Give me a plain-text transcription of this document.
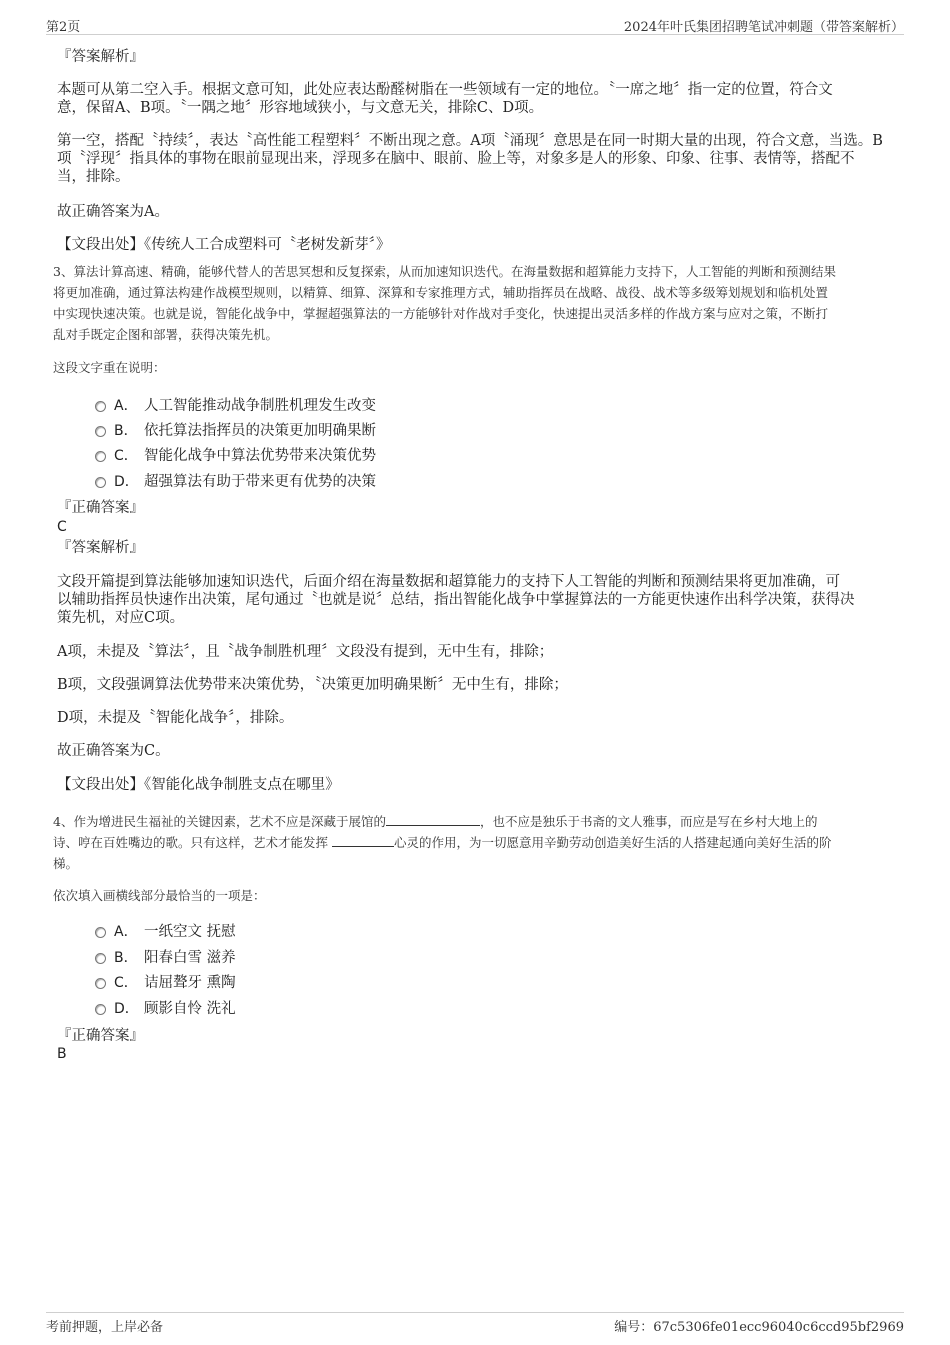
第2页	2024年叶氏集团招聘笔试冲刺题（带答案解析）
『答案解析』
本题可从第二空入手。根据文意可知，此处应表达酚醛树脂在一些领域有一定的地位。〝一席之地〞指一定的位置，符合文
意，保留A、B项。〝一隅之地〞形容地域狭小，与文意无关，排除C、D项。
第一空，搭配〝持续〞，表达〝高性能工程塑料〞不断出现之意。A项〝涌现〞意思是在同一时期大量的出现，符合文意，当选。B
项〝浮现〞指具体的事物在眼前显现出来，浮现多在脑中、眼前、脸上等，对象多是人的形象、印象、往事、表情等，搭配不
当，排除。
故正确答案为A。
【文段出处】《传统人工合成塑料可〝老树发新芽〞》
3、算法计算高速、精确，能够代替人的苦思冥想和反复探索，从而加速知识迭代。在海量数据和超算能力支持下，人工智能的判断和预测结果
将更加准确，通过算法构建作战模型规则，以精算、细算、深算和专家推理方式，辅助指挥员在战略、战役、战术等多级筹划规划和临机处置
中实现快速决策。也就是说，智能化战争中，掌握超强算法的一方能够针对作战对手变化，快速提出灵活多样的作战方案与应对之策，不断打
乱对手既定企图和部署，获得决策先机。
这段文字重在说明：
A． 人工智能推动战争制胜机理发生改变
B． 依托算法指挥员的决策更加明确果断
C． 智能化战争中算法优势带来决策优势
D． 超强算法有助于带来更有优势的决策
『正确答案』
C
『答案解析』
文段开篇提到算法能够加速知识迭代，后面介绍在海量数据和超算能力的支持下人工智能的判断和预测结果将更加准确，可
以辅助指挥员快速作出决策，尾句通过〝也就是说〞总结，指出智能化战争中掌握算法的一方能更快速作出科学决策，获得决
策先机，对应C项。
A项，未提及〝算法〞，且〝战争制胜机理〞文段没有提到，无中生有，排除；
B项，文段强调算法优势带来决策优势，〝决策更加明确果断〞无中生有，排除；
D项，未提及〝智能化战争〞，排除。
故正确答案为C。
【文段出处】《智能化战争制胜支点在哪里》
4、作为增进民生福祉的关键因素，艺术不应是深藏于展馆的	，也不应是独乐于书斋的文人雅事，而应是写在乡村大地上的
诗、哼在百姓嘴边的歌。只有这样，艺术才能发挥	心灵的作用，为一切愿意用辛勤劳动创造美好生活的人搭建起通向美好生活的阶
梯。
依次填入画横线部分最恰当的一项是：
A． 一纸空文 抚慰
B． 阳春白雪 滋养
C． 诘屈聱牙 熏陶
D． 顾影自怜 洗礼
『正确答案』
B
考前押题，上岸必备	编号：67c5306fe01ecc96040c6ccd95bf2969
